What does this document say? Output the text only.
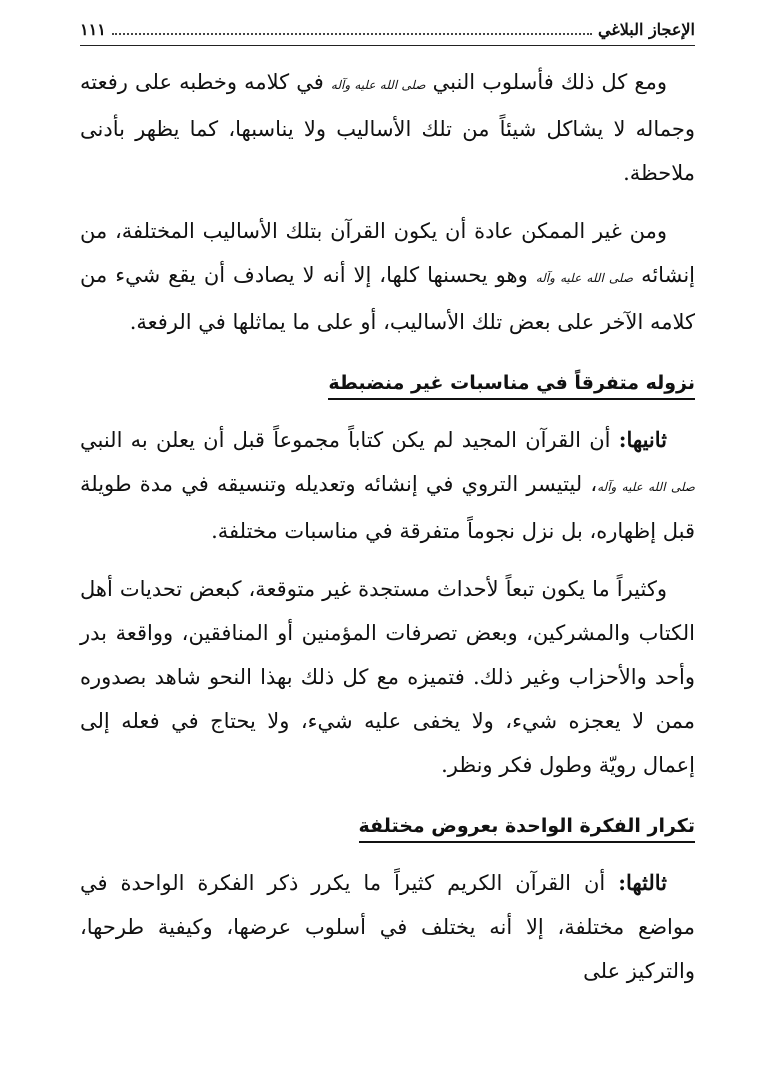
الإعجاز البلاغي
١١١

ومع كل ذلك فأسلوب النبي صلى الله عليه وآله في كلامه وخطبه على رفعته وجماله لا يشاكل شيئاً من تلك الأساليب ولا يناسبها، كما يظهر بأدنى ملاحظة.

ومن غير الممكن عادة أن يكون القرآن بتلك الأساليب المختلفة، من إنشائه صلى الله عليه وآله وهو يحسنها كلها، إلا أنه لا يصادف أن يقع شيء من كلامه الآخر على بعض تلك الأساليب، أو على ما يماثلها في الرفعة.

نزوله متفرقاً في مناسبات غير منضبطة

ثانيها: أن القرآن المجيد لم يكن كتاباً مجموعاً قبل أن يعلن به النبي صلى الله عليه وآله، ليتيسر التروي في إنشائه وتعديله وتنسيقه في مدة طويلة قبل إظهاره، بل نزل نجوماً متفرقة في مناسبات مختلفة.

وكثيراً ما يكون تبعاً لأحداث مستجدة غير متوقعة، كبعض تحديات أهل الكتاب والمشركين، وبعض تصرفات المؤمنين أو المنافقين، وواقعة بدر وأحد والأحزاب وغير ذلك. فتميزه مع كل ذلك بهذا النحو شاهد بصدوره ممن لا يعجزه شيء، ولا يخفى عليه شيء، ولا يحتاج في فعله إلى إعمال رويّة وطول فكر ونظر.

تكرار الفكرة الواحدة بعروض مختلفة

ثالثها: أن القرآن الكريم كثيراً ما يكرر ذكر الفكرة الواحدة في مواضع مختلفة، إلا أنه يختلف في أسلوب عرضها، وكيفية طرحها، والتركيز على
